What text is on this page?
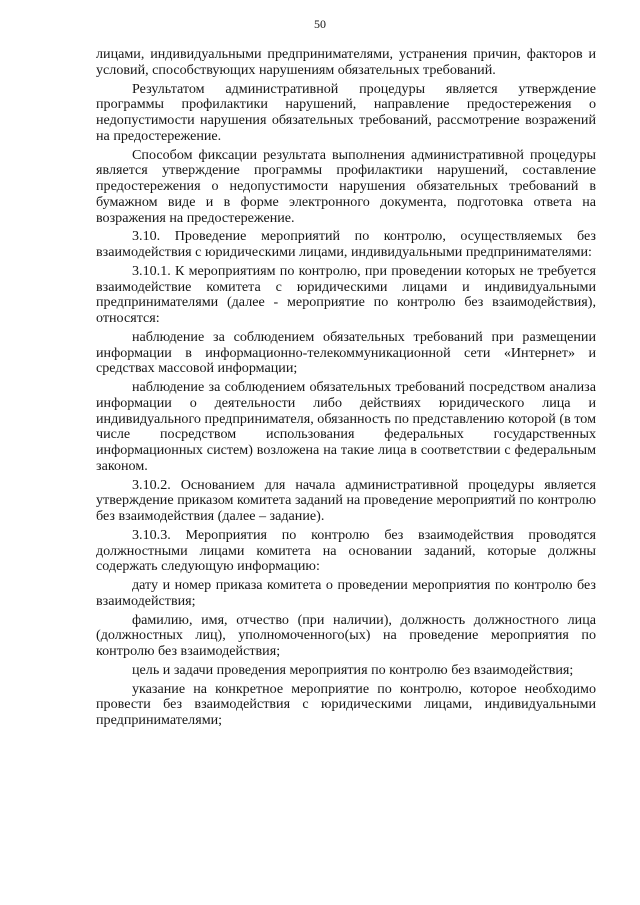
50

лицами, индивидуальными предпринимателями, устранения причин, факторов и условий, способствующих нарушениям обязательных требований.

Результатом административной процедуры является утверждение программы профилактики нарушений, направление предостережения о недопустимости нарушения обязательных требований, рассмотрение возражений на предостережение.

Способом фиксации результата выполнения административной процедуры является утверждение программы профилактики нарушений, составление предостережения о недопустимости нарушения обязательных требований в бумажном виде и в форме электронного документа, подготовка ответа на возражения на предостережение.

3.10. Проведение мероприятий по контролю, осуществляемых без взаимодействия с юридическими лицами, индивидуальными предпринимателями:

3.10.1. К мероприятиям по контролю, при проведении которых не требуется взаимодействие комитета с юридическими лицами и индивидуальными предпринимателями (далее - мероприятие по контролю без взаимодействия), относятся:

наблюдение за соблюдением обязательных требований при размещении информации в информационно-телекоммуникационной сети «Интернет» и средствах массовой информации;

наблюдение за соблюдением обязательных требований посредством анализа информации о деятельности либо действиях юридического лица и индивидуального предпринимателя, обязанность по представлению которой (в том числе посредством использования федеральных государственных информационных систем) возложена на такие лица в соответствии с федеральным законом.

3.10.2. Основанием для начала административной процедуры является утверждение приказом комитета заданий на проведение мероприятий по контролю без взаимодействия (далее – задание).

3.10.3. Мероприятия по контролю без взаимодействия проводятся должностными лицами комитета на основании заданий, которые должны содержать следующую информацию:

дату и номер приказа комитета о проведении мероприятия по контролю без взаимодействия;

фамилию, имя, отчество (при наличии), должность должностного лица (должностных лиц), уполномоченного(ых) на проведение мероприятия по контролю без взаимодействия;

цель и задачи проведения мероприятия по контролю без взаимодействия;

указание на конкретное мероприятие по контролю, которое необходимо провести без взаимодействия с юридическими лицами, индивидуальными предпринимателями;
